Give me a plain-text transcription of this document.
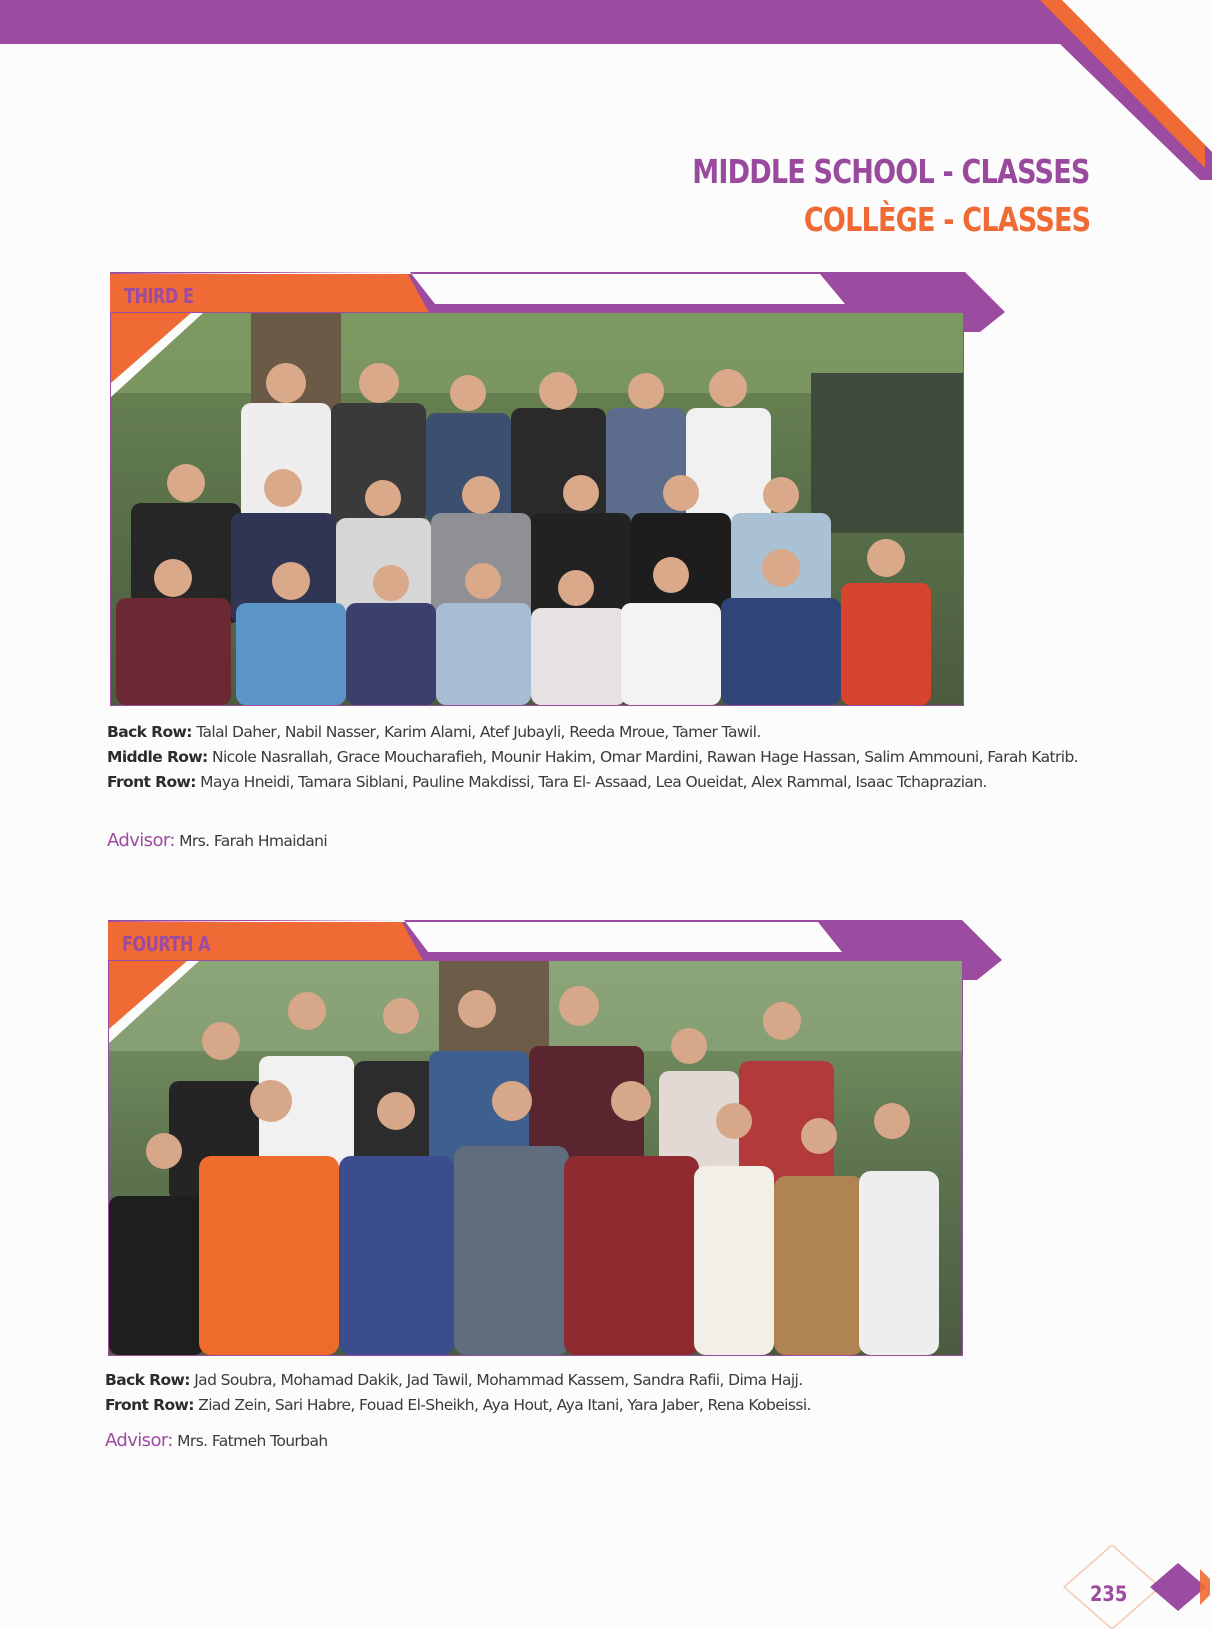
MIDDLE SCHOOL - CLASSES
COLLÈGE - CLASSES
THIRD E

Back Row: Talal Daher, Nabil Nasser, Karim Alami, Atef Jubayli, Reeda Mroue, Tamer Tawil.

Middle Row: Nicole Nasrallah, Grace Moucharafieh, Mounir Hakim, Omar Mardini, Rawan Hage Hassan, Salim Ammouni, Farah Katrib.

Front Row: Maya Hneidi, Tamara Siblani, Pauline Makdissi, Tara El- Assaad, Lea Oueidat, Alex Rammal, Isaac Tchaprazian.

Advisor: Mrs. Farah Hmaidani
FOURTH A

Back Row: Jad Soubra, Mohamad Dakik, Jad Tawil, Mohammad Kassem, Sandra Rafii, Dima Hajj.

Front Row: Ziad Zein, Sari Habre, Fouad El-Sheikh, Aya Hout, Aya Itani, Yara Jaber, Rena Kobeissi.

Advisor: Mrs. Fatmeh Tourbah
235
